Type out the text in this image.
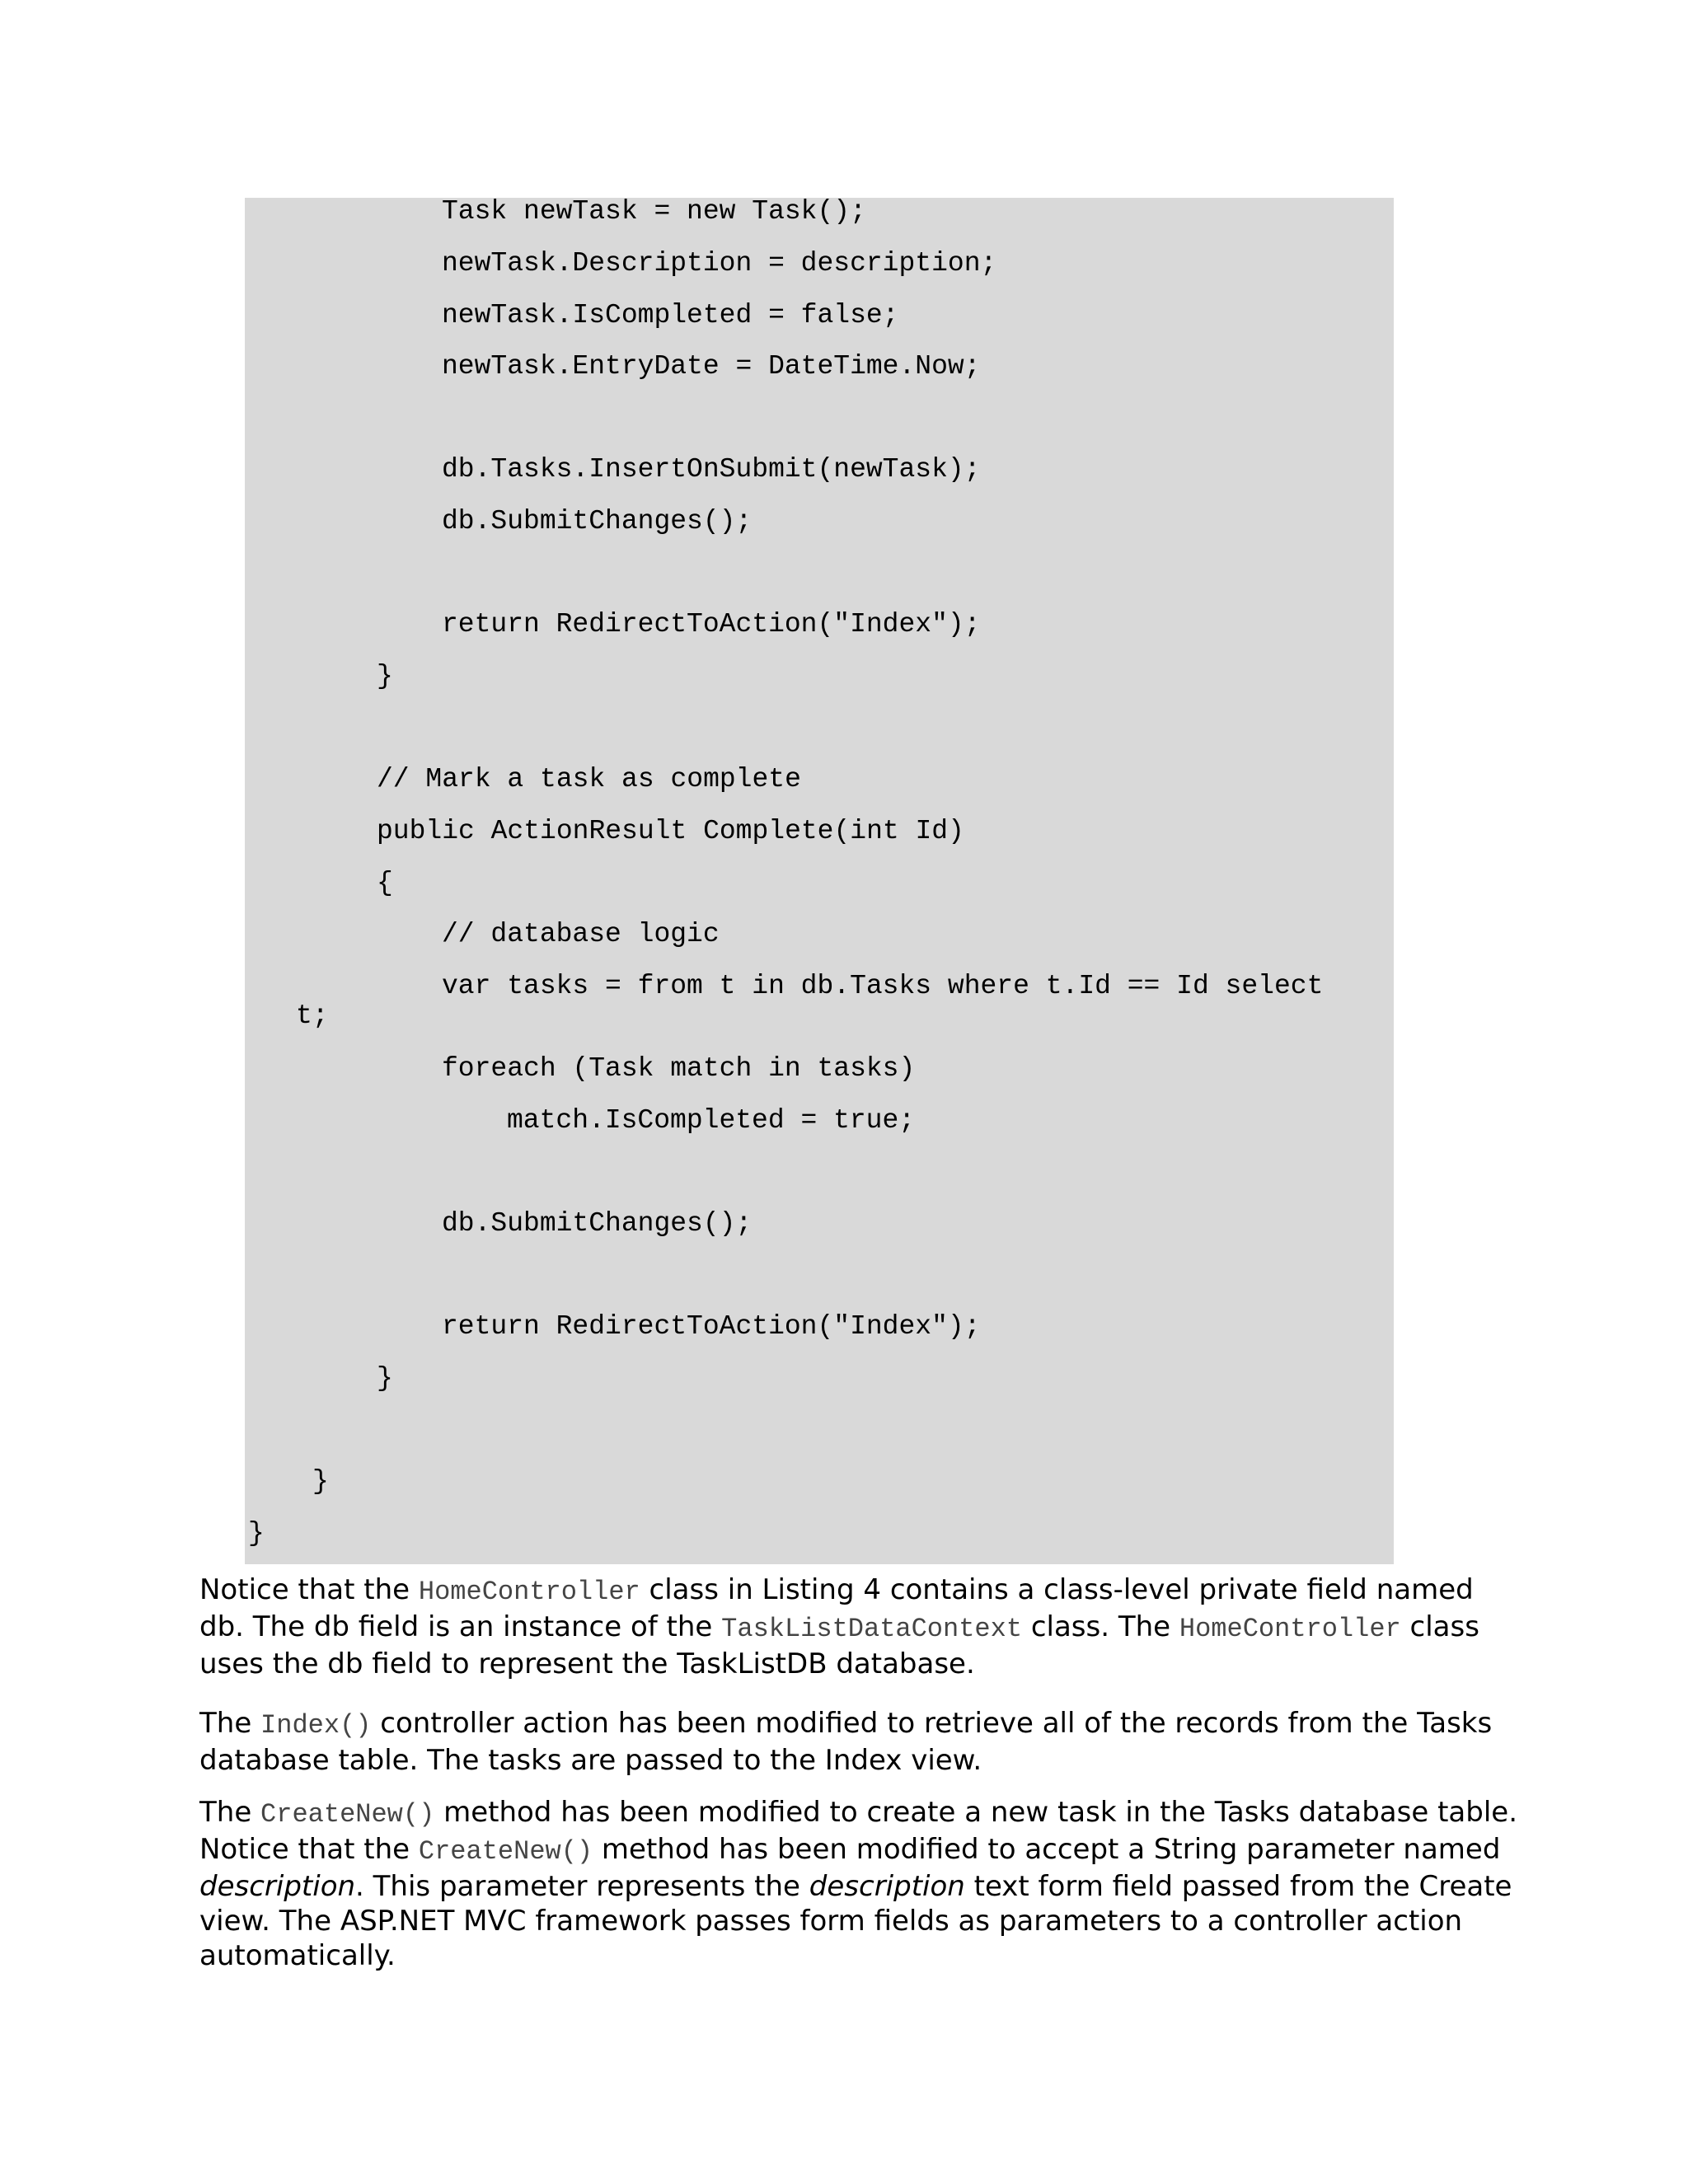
Task newTask = new Task();
newTask.Description = description;
newTask.IsCompleted = false;
newTask.EntryDate = DateTime.Now;
db.Tasks.InsertOnSubmit(newTask);
db.SubmitChanges();
return RedirectToAction("Index");
}
// Mark a task as complete
public ActionResult Complete(int Id)
{
// database logic
var tasks = from t in db.Tasks where t.Id == Id select
t;
foreach (Task match in tasks)
match.IsCompleted = true;
db.SubmitChanges();
return RedirectToAction("Index");
}
}
}

Notice that the HomeController class in Listing 4 contains a class-level private field named db. The db field is an instance of the TaskListDataContext class. The HomeController class uses the db field to represent the TaskListDB database.

The Index() controller action has been modified to retrieve all of the records from the Tasks database table. The tasks are passed to the Index view.

The CreateNew() method has been modified to create a new task in the Tasks database table. Notice that the CreateNew() method has been modified to accept a String parameter named description. This parameter represents the description text form field passed from the Create view. The ASP.NET MVC framework passes form fields as parameters to a controller action automatically.
